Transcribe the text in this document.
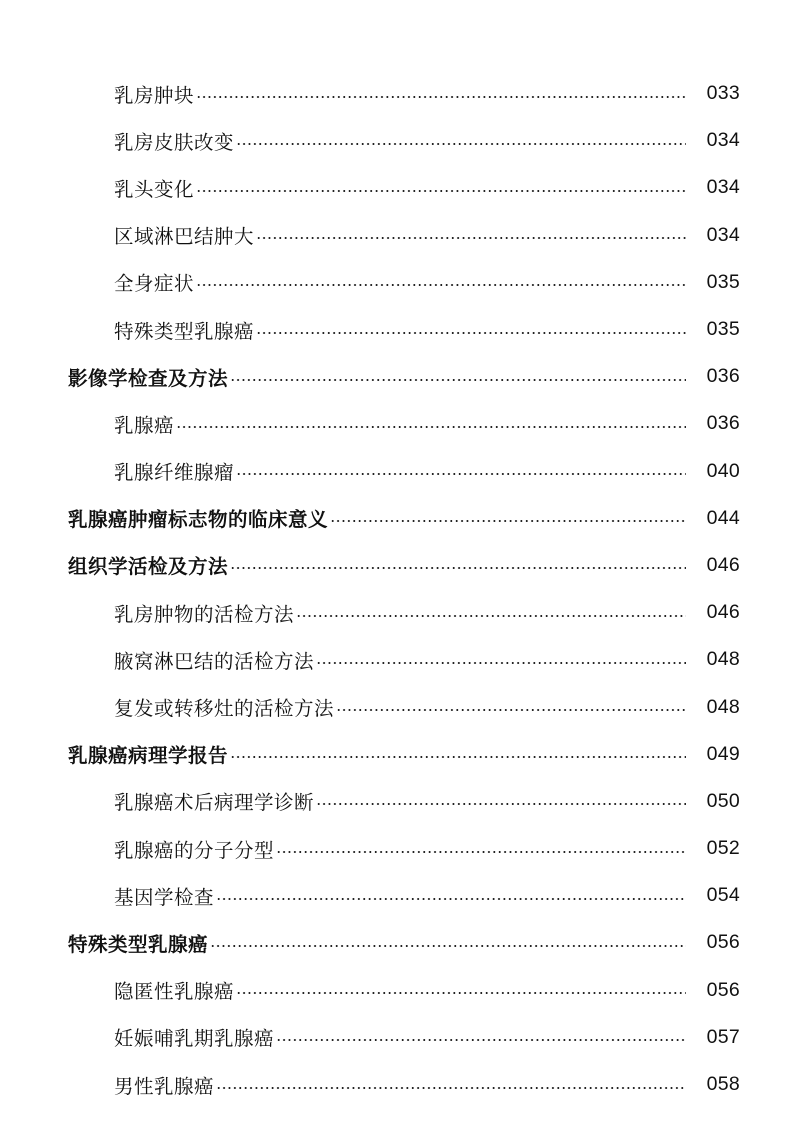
乳房肿块	033
乳房皮肤改变	034
乳头变化	034
区域淋巴结肿大	034
全身症状	035
特殊类型乳腺癌	035
影像学检查及方法	036
乳腺癌	036
乳腺纤维腺瘤	040
乳腺癌肿瘤标志物的临床意义	044
组织学活检及方法	046
乳房肿物的活检方法	046
腋窝淋巴结的活检方法	048
复发或转移灶的活检方法	048
乳腺癌病理学报告	049
乳腺癌术后病理学诊断	050
乳腺癌的分子分型	052
基因学检查	054
特殊类型乳腺癌	056
隐匿性乳腺癌	056
妊娠哺乳期乳腺癌	057
男性乳腺癌	058
